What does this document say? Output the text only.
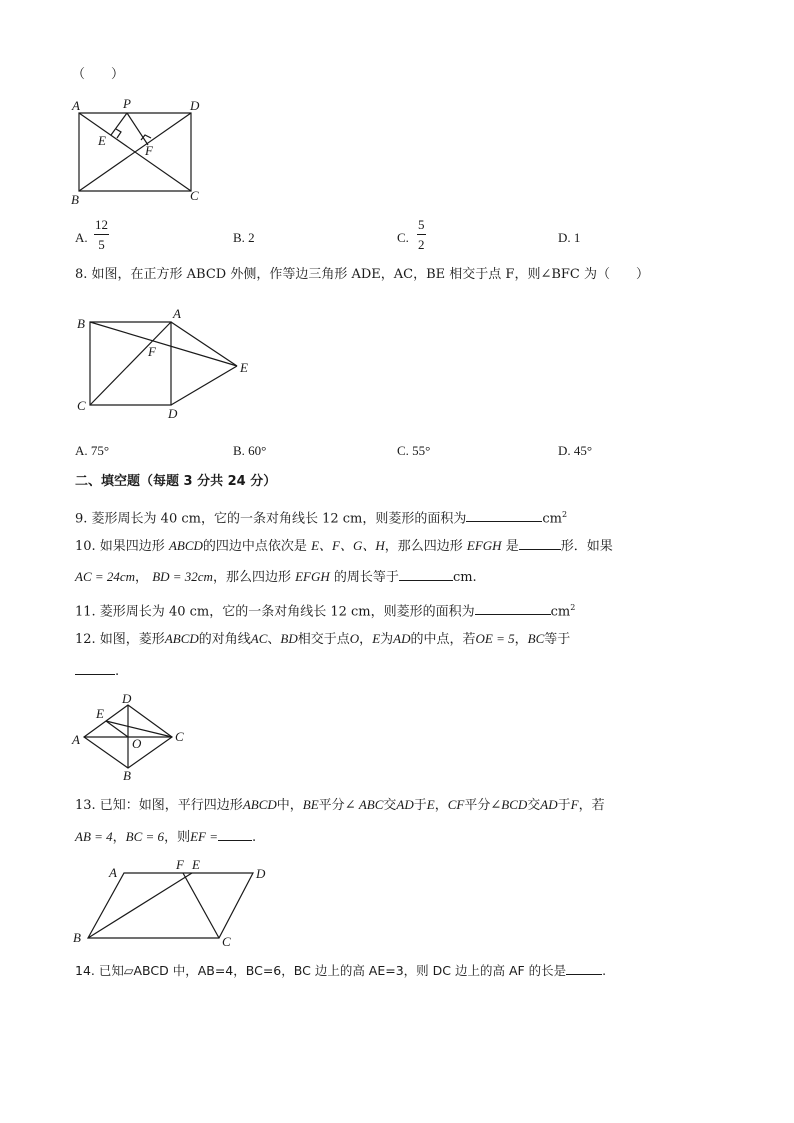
（　　）
A	P	D
E
F
B	C
A. $\frac{12}{5}$	B. 2	C. $\frac{5}{2}$	D. 1
8. 如图，在正方形 ABCD 外侧，作等边三角形 ADE，AC，BE 相交于点 F，则∠BFC 为（　　）
B
A
F
E
C
D
A. 75°	B. 60°	C. 55°	D. 45°
二、填空题（每题 3 分共 24 分）
9. 菱形周长为 40 cm，它的一条对角线长 12 cm，则菱形的面积为	$cm^2$
10. 如果四边形 ABCD的四边中点依次是 E、F、G、H，那么四边形 EFGH 是	形．如果
AC = 24cm， BD = 32cm，那么四边形 EFGH 的周长等于	cm.
11. 菱形周长为 40 cm，它的一条对角线长 12 cm，则菱形的面积为	$cm^2$
12. 如图，菱形ABCD的对角线AC、BD相交于点O，E为AD的中点，若OE = 5，BC等于
.
D
E
A	O	C
B
13. 已知：如图，平行四边形ABCD中，BE平分∠ ABC交AD于E，CF平分∠BCD交AD于F，若
AB = 4，BC = 6，则EF =	.
A
F E
D
B	C
14. 已知▱ABCD 中，AB=4，BC=6，BC 边上的高 AE=3，则 DC 边上的高 AF 的长是	.
